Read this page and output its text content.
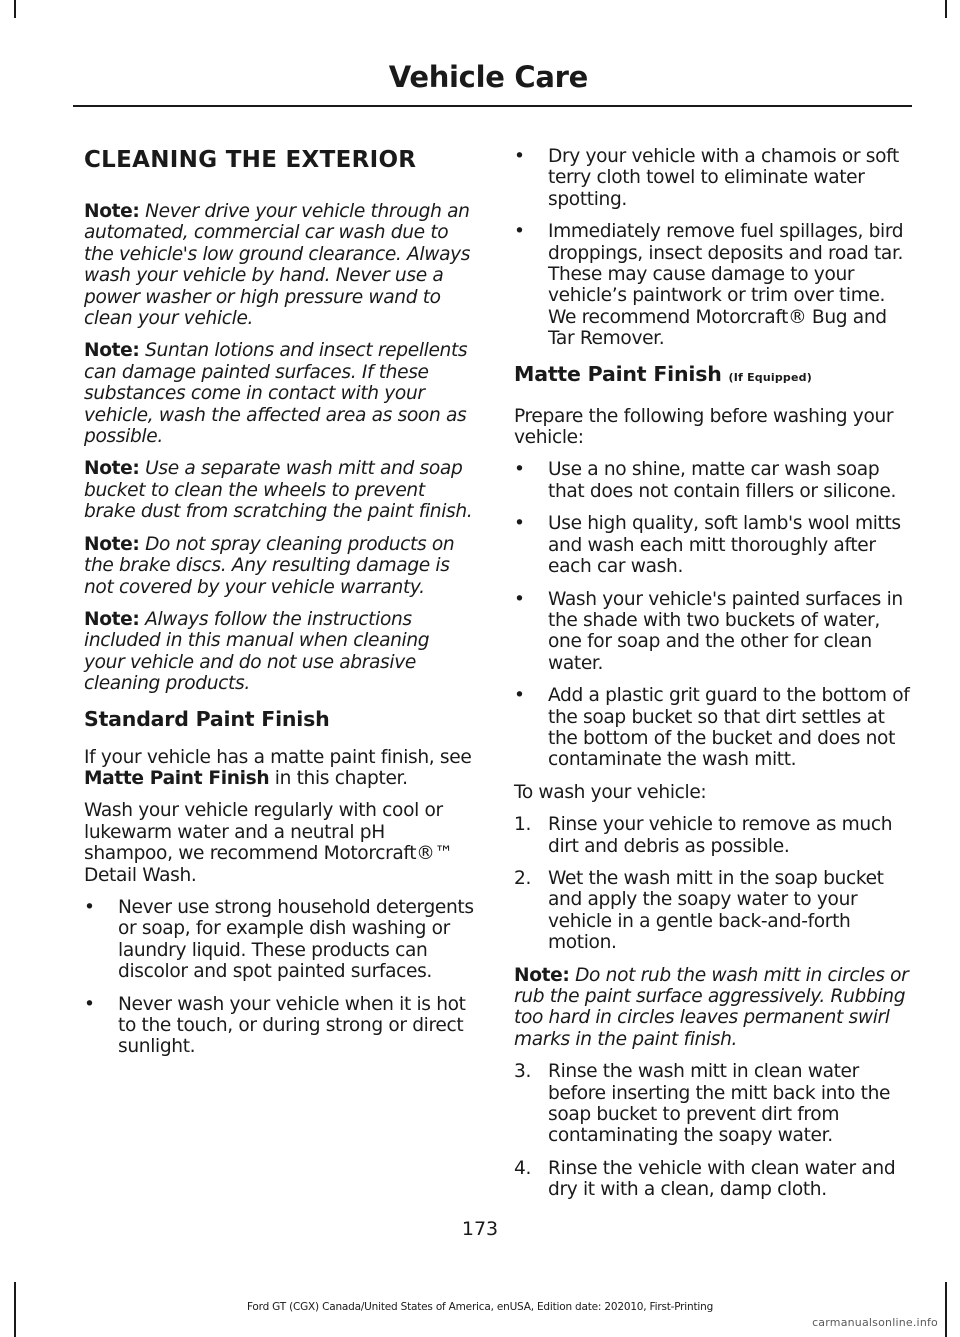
Vehicle Care
CLEANING THE EXTERIOR

Note: Never drive your vehicle through an automated, commercial car wash due to the vehicle's low ground clearance. Always wash your vehicle by hand. Never use a power washer or high pressure wand to clean your vehicle.

Note: Suntan lotions and insect repellents can damage painted surfaces. If these substances come in contact with your vehicle, wash the affected area as soon as possible.

Note: Use a separate wash mitt and soap bucket to clean the wheels to prevent brake dust from scratching the paint finish.

Note: Do not spray cleaning products on the brake discs. Any resulting damage is not covered by your vehicle warranty.

Note: Always follow the instructions included in this manual when cleaning your vehicle and do not use abrasive cleaning products.

Standard Paint Finish

If your vehicle has a matte paint finish, see Matte Paint Finish in this chapter.

Wash your vehicle regularly with cool or lukewarm water and a neutral pH shampoo, we recommend Motorcraft®™ Detail Wash.

• Never use strong household detergents or soap, for example dish washing or laundry liquid. These products can discolor and spot painted surfaces.
• Never wash your vehicle when it is hot to the touch, or during strong or direct sunlight.
• Dry your vehicle with a chamois or soft terry cloth towel to eliminate water spotting.
• Immediately remove fuel spillages, bird droppings, insect deposits and road tar. These may cause damage to your vehicle’s paintwork or trim over time. We recommend Motorcraft® Bug and Tar Remover.
Matte Paint Finish (If Equipped)

Prepare the following before washing your vehicle:

• Use a no shine, matte car wash soap that does not contain fillers or silicone.
• Use high quality, soft lamb's wool mitts and wash each mitt thoroughly after each car wash.
• Wash your vehicle's painted surfaces in the shade with two buckets of water, one for soap and the other for clean water.
• Add a plastic grit guard to the bottom of the soap bucket so that dirt settles at the bottom of the bucket and does not contaminate the wash mitt.

To wash your vehicle:

1. Rinse your vehicle to remove as much dirt and debris as possible.
2. Wet the wash mitt in the soap bucket and apply the soapy water to your vehicle in a gentle back-and-forth motion.

Note: Do not rub the wash mitt in circles or rub the paint surface aggressively. Rubbing too hard in circles leaves permanent swirl marks in the paint finish.

3. Rinse the wash mitt in clean water before inserting the mitt back into the soap bucket to prevent dirt from contaminating the soapy water.
4. Rinse the vehicle with clean water and dry it with a clean, damp cloth.
173
Ford GT (CGX) Canada/United States of America, enUSA, Edition date: 202010, First-Printing
carmanualsonline.info
